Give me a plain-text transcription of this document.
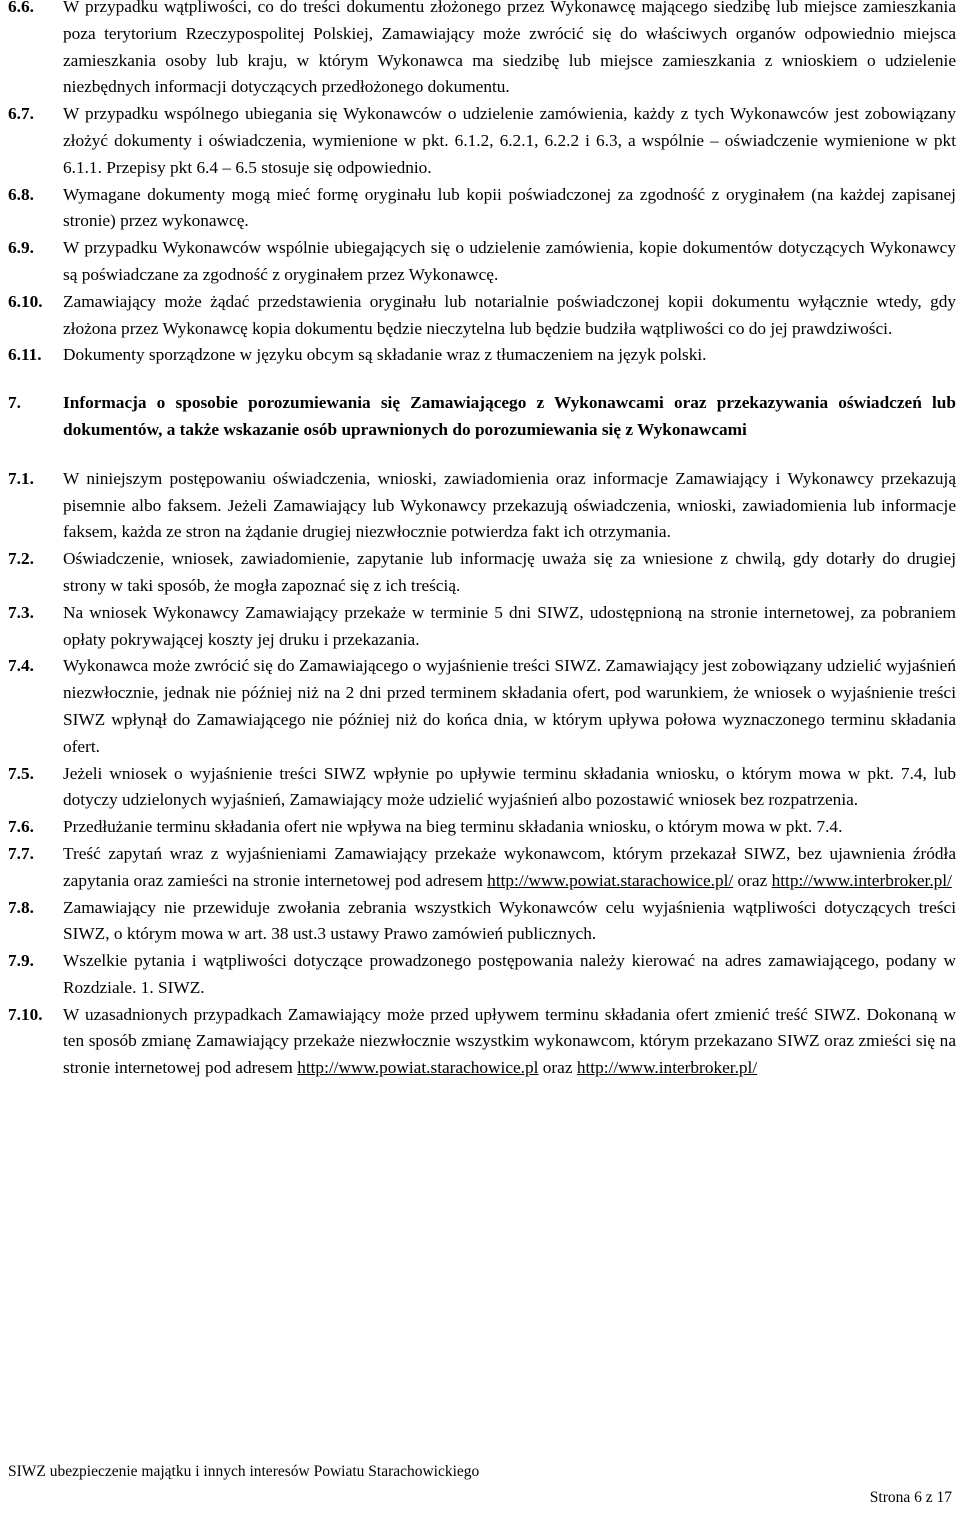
6.6.	W przypadku wątpliwości, co do treści dokumentu złożonego przez Wykonawcę mającego siedzibę lub miejsce zamieszkania poza terytorium Rzeczypospolitej Polskiej, Zamawiający może zwrócić się do właściwych organów odpowiednio miejsca zamieszkania osoby lub kraju, w którym Wykonawca ma siedzibę lub miejsce zamieszkania z wnioskiem o udzielenie niezbędnych informacji dotyczących przedłożonego dokumentu.
6.7.	W przypadku wspólnego ubiegania się Wykonawców o udzielenie zamówienia, każdy z tych Wykonawców jest zobowiązany złożyć dokumenty i oświadczenia, wymienione w pkt. 6.1.2, 6.2.1, 6.2.2 i 6.3, a wspólnie – oświadczenie wymienione w pkt 6.1.1. Przepisy pkt 6.4 – 6.5 stosuje się odpowiednio.
6.8.	Wymagane dokumenty mogą mieć formę oryginału lub kopii poświadczonej za zgodność z oryginałem (na każdej zapisanej stronie) przez wykonawcę.
6.9.	W przypadku Wykonawców wspólnie ubiegających się o udzielenie zamówienia, kopie dokumentów dotyczących Wykonawcy są poświadczane za zgodność z oryginałem przez Wykonawcę.
6.10.	Zamawiający może żądać przedstawienia oryginału lub notarialnie poświadczonej kopii dokumentu wyłącznie wtedy, gdy złożona przez Wykonawcę kopia dokumentu będzie nieczytelna lub będzie budziła wątpliwości co do jej prawdziwości.
6.11.	Dokumenty sporządzone w języku obcym są składanie wraz z tłumaczeniem na język polski.
7.	Informacja o sposobie porozumiewania się Zamawiającego z Wykonawcami oraz przekazywania oświadczeń lub dokumentów, a także wskazanie osób uprawnionych do porozumiewania się z Wykonawcami
7.1.	W niniejszym postępowaniu oświadczenia, wnioski, zawiadomienia oraz informacje Zamawiający i Wykonawcy przekazują pisemnie albo faksem. Jeżeli Zamawiający lub Wykonawcy przekazują oświadczenia, wnioski, zawiadomienia lub informacje faksem, każda ze stron na żądanie drugiej niezwłocznie potwierdza fakt ich otrzymania.
7.2.	Oświadczenie, wniosek, zawiadomienie, zapytanie lub informację uważa się za wniesione z chwilą, gdy dotarły do drugiej strony w taki sposób, że mogła zapoznać się z ich treścią.
7.3.	Na wniosek Wykonawcy Zamawiający przekaże w terminie 5 dni SIWZ, udostępnioną na stronie internetowej, za pobraniem opłaty pokrywającej koszty jej druku i przekazania.
7.4.	Wykonawca może zwrócić się do Zamawiającego o wyjaśnienie treści SIWZ. Zamawiający jest zobowiązany udzielić wyjaśnień niezwłocznie, jednak nie później niż na 2 dni przed terminem składania ofert, pod warunkiem, że wniosek o wyjaśnienie treści SIWZ wpłynął do Zamawiającego nie później niż do końca dnia, w którym upływa połowa wyznaczonego terminu składania ofert.
7.5.	Jeżeli wniosek o wyjaśnienie treści SIWZ wpłynie po upływie terminu składania wniosku, o którym mowa w pkt. 7.4, lub dotyczy udzielonych wyjaśnień, Zamawiający może udzielić wyjaśnień albo pozostawić wniosek bez rozpatrzenia.
7.6.	Przedłużanie terminu składania ofert nie wpływa na bieg terminu składania wniosku, o którym mowa w pkt. 7.4.
7.7.	Treść zapytań wraz z wyjaśnieniami Zamawiający przekaże wykonawcom, którym przekazał SIWZ, bez ujawnienia źródła zapytania oraz zamieści na stronie internetowej pod adresem http://www.powiat.starachowice.pl/ oraz http://www.interbroker.pl/
7.8.	Zamawiający nie przewiduje zwołania zebrania wszystkich Wykonawców celu wyjaśnienia wątpliwości dotyczących treści SIWZ, o którym mowa w art. 38 ust.3 ustawy Prawo zamówień publicznych.
7.9.	Wszelkie pytania i wątpliwości dotyczące prowadzonego postępowania należy kierować na adres zamawiającego, podany w Rozdziale. 1. SIWZ.
7.10.	W uzasadnionych przypadkach Zamawiający może przed upływem terminu składania ofert zmienić treść SIWZ. Dokonaną w ten sposób zmianę Zamawiający przekaże niezwłocznie wszystkim wykonawcom, którym przekazano SIWZ oraz zmieści się na stronie internetowej pod adresem http://www.powiat.starachowice.pl oraz http://www.interbroker.pl/
SIWZ ubezpieczenie majątku i innych interesów Powiatu Starachowickiego
Strona 6 z 17
